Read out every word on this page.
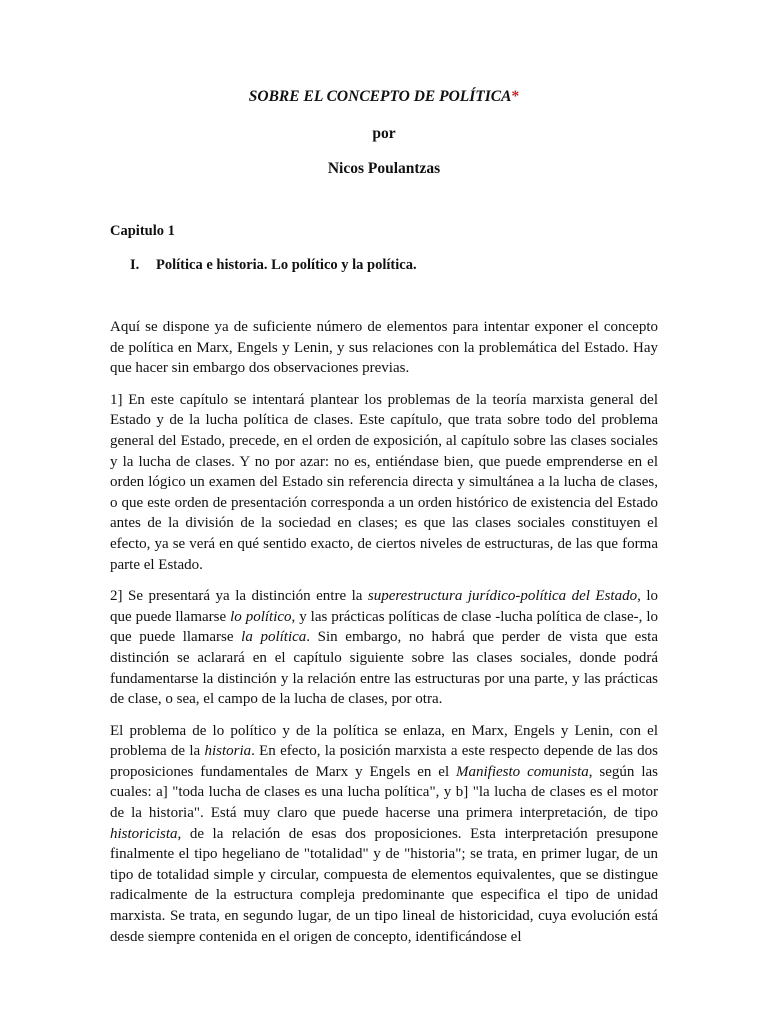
SOBRE EL CONCEPTO DE POLÍTICA*
por
Nicos Poulantzas
Capitulo 1
I. Política e historia. Lo político y la política.

Aquí se dispone ya de suficiente número de elementos para intentar exponer el concepto de política en Marx, Engels y Lenin, y sus relaciones con la problemática del Estado. Hay que hacer sin embargo dos observaciones previas.

1] En este capítulo se intentará plantear los problemas de la teoría marxista general del Estado y de la lucha política de clases. Este capítulo, que trata sobre todo del problema general del Estado, precede, en el orden de exposición, al capítulo sobre las clases sociales y la lucha de clases. Y no por azar: no es, entiéndase bien, que puede emprenderse en el orden lógico un examen del Estado sin referencia directa y simultánea a la lucha de clases, o que este orden de presentación corresponda a un orden histórico de existencia del Estado antes de la división de la sociedad en clases; es que las clases sociales constituyen el efecto, ya se verá en qué sentido exacto, de ciertos niveles de estructuras, de las que forma parte el Estado.

2] Se presentará ya la distinción entre la superestructura jurídico-política del Estado, lo que puede llamarse lo político, y las prácticas políticas de clase -lucha política de clase-, lo que puede llamarse la política. Sin embargo, no habrá que perder de vista que esta distinción se aclarará en el capítulo siguiente sobre las clases sociales, donde podrá fundamentarse la distinción y la relación entre las estructuras por una parte, y las prácticas de clase, o sea, el campo de la lucha de clases, por otra.

El problema de lo político y de la política se enlaza, en Marx, Engels y Lenin, con el problema de la historia. En efecto, la posición marxista a este respecto depende de las dos proposiciones fundamentales de Marx y Engels en el Manifiesto comunista, según las cuales: a] "toda lucha de clases es una lucha política", y b] "la lucha de clases es el motor de la historia". Está muy claro que puede hacerse una primera interpretación, de tipo historicista, de la relación de esas dos proposiciones. Esta interpretación presupone finalmente el tipo hegeliano de "totalidad" y de "historia"; se trata, en primer lugar, de un tipo de totalidad simple y circular, compuesta de elementos equivalentes, que se distingue radicalmente de la estructura compleja predominante que especifica el tipo de unidad marxista. Se trata, en segundo lugar, de un tipo lineal de historicidad, cuya evolución está desde siempre contenida en el origen de concepto, identificándose el
